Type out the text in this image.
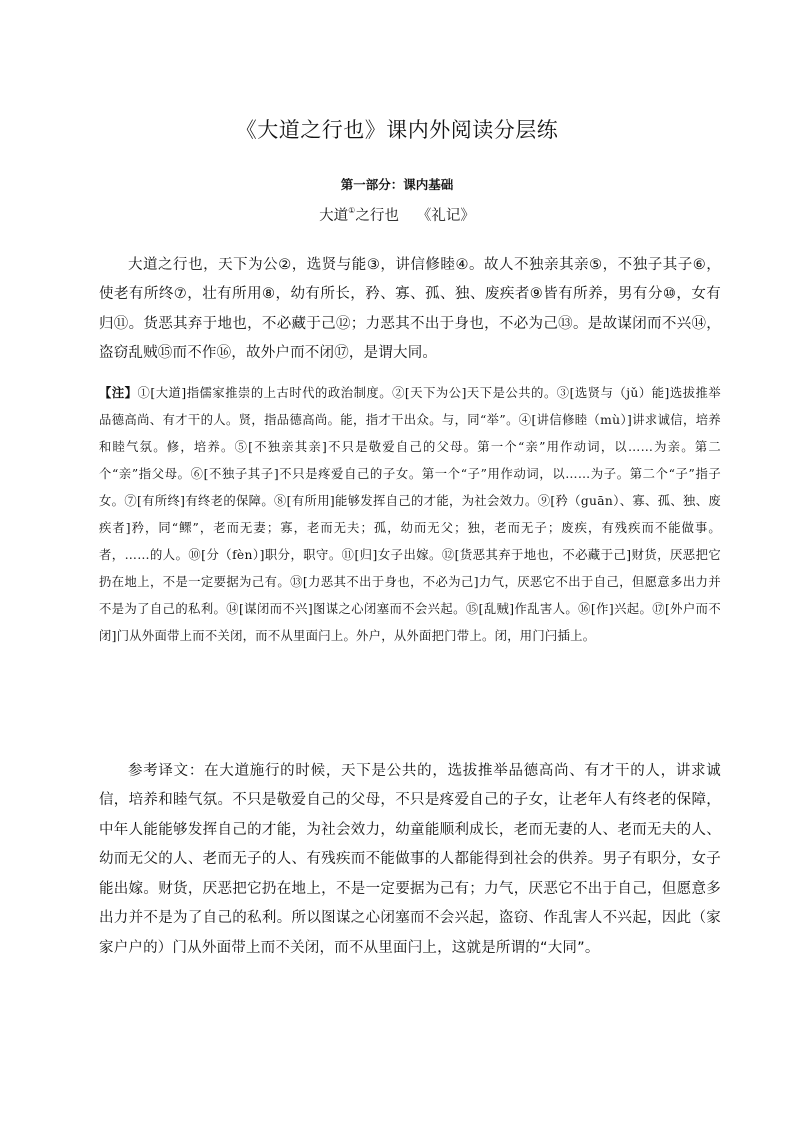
《大道之行也》课内外阅读分层练
第一部分：课内基础
大道①之行也 《礼记》

大道之行也，天下为公②，选贤与能③，讲信修睦④。故人不独亲其亲⑤，不独子其子⑥，使老有所终⑦，壮有所用⑧，幼有所长，矜、寡、孤、独、废疾者⑨皆有所养，男有分⑩，女有归⑪。货恶其弃于地也，不必藏于己⑫；力恶其不出于身也，不必为己⑬。是故谋闭而不兴⑭，盗窃乱贼⑮而不作⑯，故外户而不闭⑰，是谓大同。

【注】①[大道]指儒家推崇的上古时代的政治制度。②[天下为公]天下是公共的。③[选贤与（jǔ）能]选拔推举品德高尚、有才干的人。贤，指品德高尚。能，指才干出众。与，同“举”。④[讲信修睦（mù）]讲求诚信，培养和睦气氛。修，培养。⑤[不独亲其亲]不只是敬爱自己的父母。第一个“亲”用作动词，以……为亲。第二个“亲”指父母。⑥[不独子其子]不只是疼爱自己的子女。第一个“子”用作动词，以……为子。第二个“子”指子女。⑦[有所终]有终老的保障。⑧[有所用]能够发挥自己的才能，为社会效力。⑨[矜（guān）、寡、孤、独、废疾者]矜，同“鳏”，老而无妻；寡，老而无夫；孤，幼而无父；独，老而无子；废疾，有残疾而不能做事。者，……的人。⑩[分（fèn）]职分，职守。⑪[归]女子出嫁。⑫[货恶其弃于地也，不必藏于己]财货，厌恶把它扔在地上，不是一定要据为己有。⑬[力恶其不出于身也，不必为己]力气，厌恶它不出于自己，但愿意多出力并不是为了自己的私利。⑭[谋闭而不兴]图谋之心闭塞而不会兴起。⑮[乱贼]作乱害人。⑯[作]兴起。⑰[外户而不闭]门从外面带上而不关闭，而不从里面闩上。外户，从外面把门带上。闭，用门闩插上。

参考译文：在大道施行的时候，天下是公共的，选拔推举品德高尚、有才干的人，讲求诚信，培养和睦气氛。不只是敬爱自己的父母，不只是疼爱自己的子女，让老年人有终老的保障，中年人能能够发挥自己的才能，为社会效力，幼童能顺利成长，老而无妻的人、老而无夫的人、幼而无父的人、老而无子的人、有残疾而不能做事的人都能得到社会的供养。男子有职分，女子能出嫁。财货，厌恶把它扔在地上，不是一定要据为己有；力气，厌恶它不出于自己，但愿意多出力并不是为了自己的私利。所以图谋之心闭塞而不会兴起，盗窃、作乱害人不兴起，因此（家家户户的）门从外面带上而不关闭，而不从里面闩上，这就是所谓的“大同”。
